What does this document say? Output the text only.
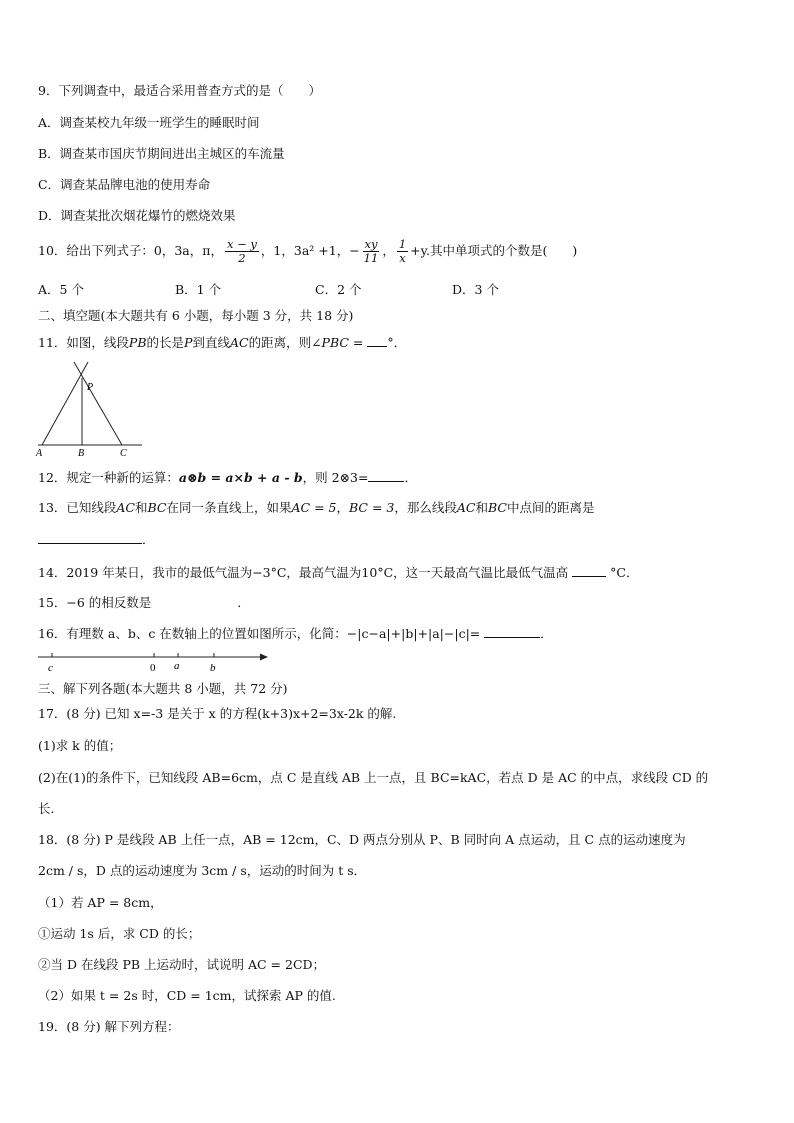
9．下列调查中，最适合采用普查方式的是（　　）
A．调查某校九年级一班学生的睡眠时间
B．调查某市国庆节期间进出主城区的车流量
C．调查某品牌电池的使用寿命
D．调查某批次烟花爆竹的燃烧效果
10．给出下列式子：0，3a，π， $\frac{x - y}{2}$ ，1，3a² +1，− $\frac{xy}{11}$ ， $\frac{1}{x} +y$.其中单项式的个数是(　　)
A．5 个	B．1 个	C．2 个	D．3 个
二、填空题(本大题共有 6 小题，每小题 3 分，共 18 分)
11．如图，线段PB的长是P到直线AC的距离，则∠PBC = °．
P
A	B	C
12．规定一种新的运算：a⊗b = a×b + a - b，则 2⊗3=	．
13．已知线段AC和BC在同一条直线上，如果AC = 5，BC = 3，那么线段AC和BC中点间的距离是
．
14．2019 年某日，我市的最低气温为−3°C，最高气温为10°C，这一天最高气温比最低气温高	°C．
15．−6 的相反数是	．
16．有理数 a、b、c 在数轴上的位置如图所示，化简：−|c−a|+|b|+|a|−|c|=	．
c	0 a	b
三、解下列各题(本大题共 8 小题，共 72 分)
17．(8 分) 已知 x=-3 是关于 x 的方程(k+3)x+2=3x-2k 的解.
(1)求 k 的值；
(2)在(1)的条件下，已知线段 AB=6cm，点 C 是直线 AB 上一点，且 BC=kAC，若点 D 是 AC 的中点，求线段 CD 的
长.
18．(8 分) P 是线段 AB 上任一点，AB = 12cm，C、D 两点分别从 P、B 同时向 A 点运动，且 C 点的运动速度为
2cm / s，D 点的运动速度为 3cm / s，运动的时间为 t s．
（1）若 AP = 8cm，
①运动 1s 后，求 CD 的长；
②当 D 在线段 PB 上运动时，试说明 AC = 2CD；
（2）如果 t = 2s 时，CD = 1cm，试探索 AP 的值.
19．(8 分) 解下列方程：
